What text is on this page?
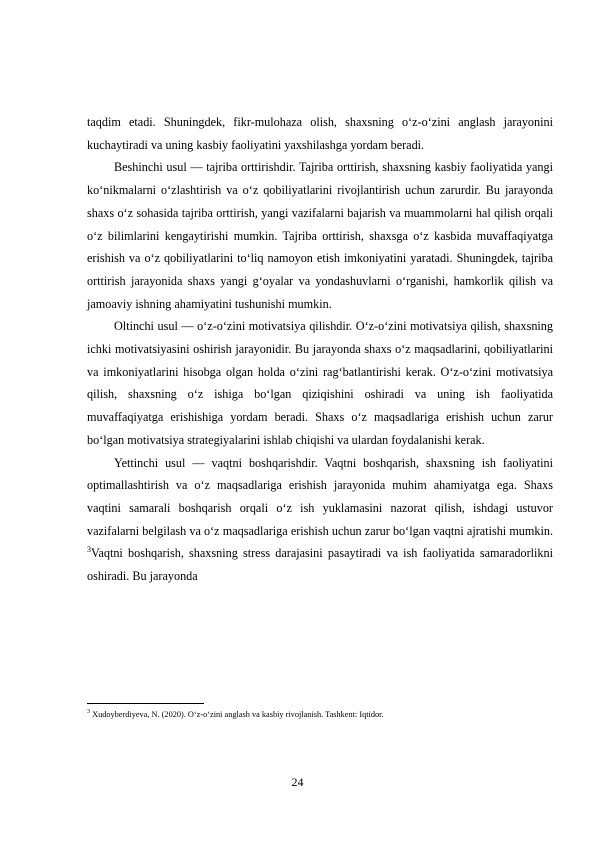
taqdim etadi. Shuningdek, fikr-mulohaza olish, shaxsning o‘z-o‘zini anglash jarayonini kuchaytiradi va uning kasbiy faoliyatini yaxshilashga yordam beradi.

Beshinchi usul — tajriba orttirishdir. Tajriba orttirish, shaxsning kasbiy faoliyatida yangi ko‘nikmalarni o‘zlashtirish va o‘z qobiliyatlarini rivojlantirish uchun zarurdir. Bu jarayonda shaxs o‘z sohasida tajriba orttirish, yangi vazifalarni bajarish va muammolarni hal qilish orqali o‘z bilimlarini kengaytirishi mumkin. Tajriba orttirish, shaxsga o‘z kasbida muvaffaqiyatga erishish va o‘z qobiliyatlarini to‘liq namoyon etish imkoniyatini yaratadi. Shuningdek, tajriba orttirish jarayonida shaxs yangi g‘oyalar va yondashuvlarni o‘rganishi, hamkorlik qilish va jamoaviy ishning ahamiyatini tushunishi mumkin.

Oltinchi usul — o‘z-o‘zini motivatsiya qilishdir. O‘z-o‘zini motivatsiya qilish, shaxsning ichki motivatsiyasini oshirish jarayonidir. Bu jarayonda shaxs o‘z maqsadlarini, qobiliyatlarini va imkoniyatlarini hisobga olgan holda o‘zini rag‘batlantirishi kerak. O‘z-o‘zini motivatsiya qilish, shaxsning o‘z ishiga bo‘lgan qiziqishini oshiradi va uning ish faoliyatida muvaffaqiyatga erishishiga yordam beradi. Shaxs o‘z maqsadlariga erishish uchun zarur bo‘lgan motivatsiya strategiyalarini ishlab chiqishi va ulardan foydalanishi kerak.

Yettinchi usul — vaqtni boshqarishdir. Vaqtni boshqarish, shaxsning ish faoliyatini optimallashtirish va o‘z maqsadlariga erishish jarayonida muhim ahamiyatga ega. Shaxs vaqtini samarali boshqarish orqali o‘z ish yuklamasini nazorat qilish, ishdagi ustuvor vazifalarni belgilash va o‘z maqsadlariga erishish uchun zarur bo‘lgan vaqtni ajratishi mumkin. $^3$Vaqtni boshqarish, shaxsning stress darajasini pasaytiradi va ish faoliyatida samaradorlikni oshiradi. Bu jarayonda

$^3$ Xudoyberdiyeva, N. (2020). O‘z-o‘zini anglash va kasbiy rivojlanish. Tashkent: Iqtidor.
24
